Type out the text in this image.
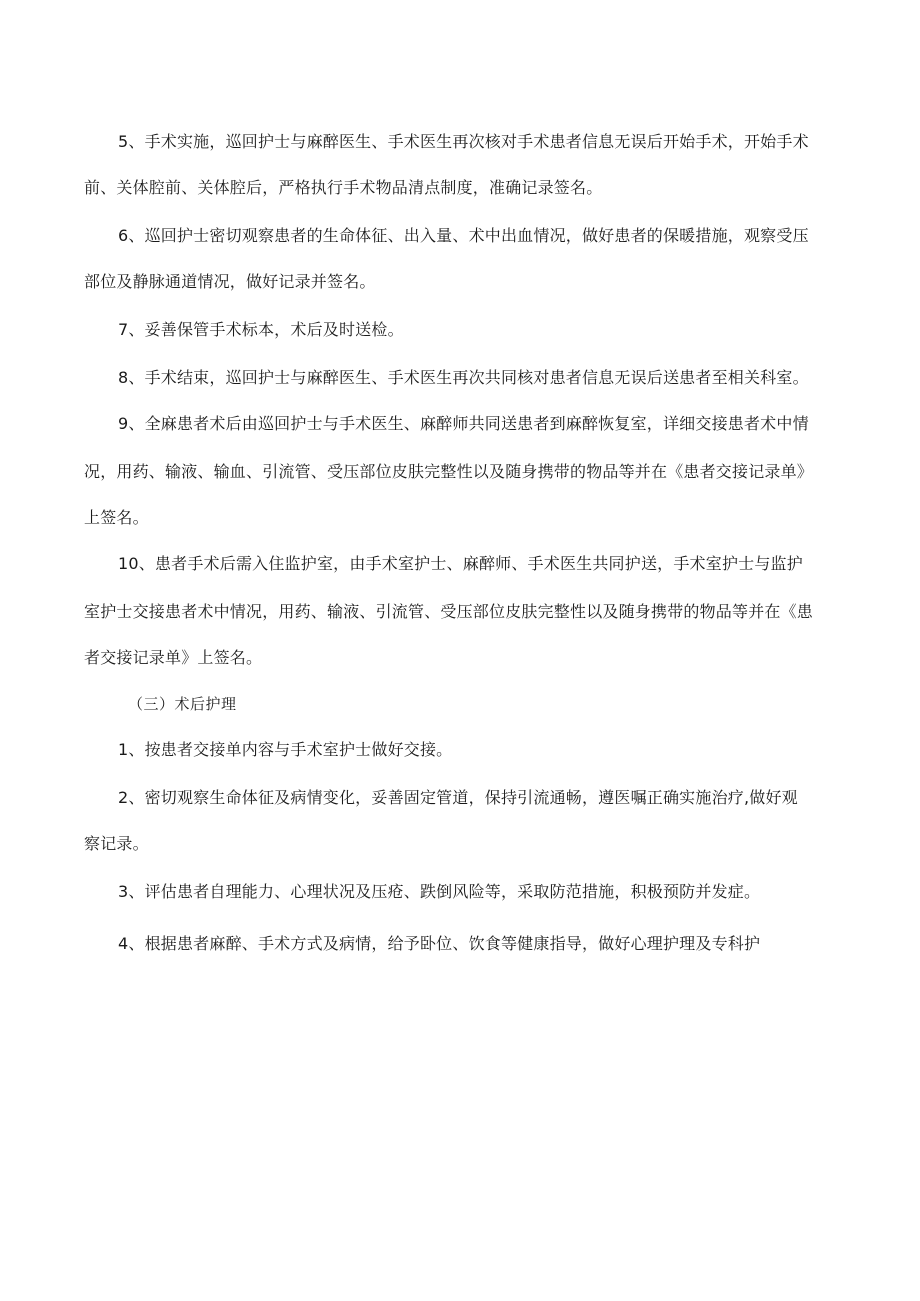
5、手术实施，巡回护士与麻醉医生、手术医生再次核对手术患者信息无误后开始手术，开始手术

前、关体腔前、关体腔后，严格执行手术物品清点制度，准确记录签名。

6、巡回护士密切观察患者的生命体征、出入量、术中出血情况，做好患者的保暖措施，观察受压

部位及静脉通道情况，做好记录并签名。

7、妥善保管手术标本，术后及时送检。

8、手术结束，巡回护士与麻醉医生、手术医生再次共同核对患者信息无误后送患者至相关科室。

9、全麻患者术后由巡回护士与手术医生、麻醉师共同送患者到麻醉恢复室，详细交接患者术中情

况，用药、输液、输血、引流管、受压部位皮肤完整性以及随身携带的物品等并在《患者交接记录单》

上签名。

10、患者手术后需入住监护室，由手术室护士、麻醉师、手术医生共同护送，手术室护士与监护

室护士交接患者术中情况，用药、输液、引流管、受压部位皮肤完整性以及随身携带的物品等并在《患

者交接记录单》上签名。

（三）术后护理

1、按患者交接单内容与手术室护士做好交接。

2、密切观察生命体征及病情变化，妥善固定管道，保持引流通畅，遵医嘱正确实施治疗,做好观

察记录。

3、评估患者自理能力、心理状况及压疮、跌倒风险等，采取防范措施，积极预防并发症。

4、根据患者麻醉、手术方式及病情，给予卧位、饮食等健康指导，做好心理护理及专科护
